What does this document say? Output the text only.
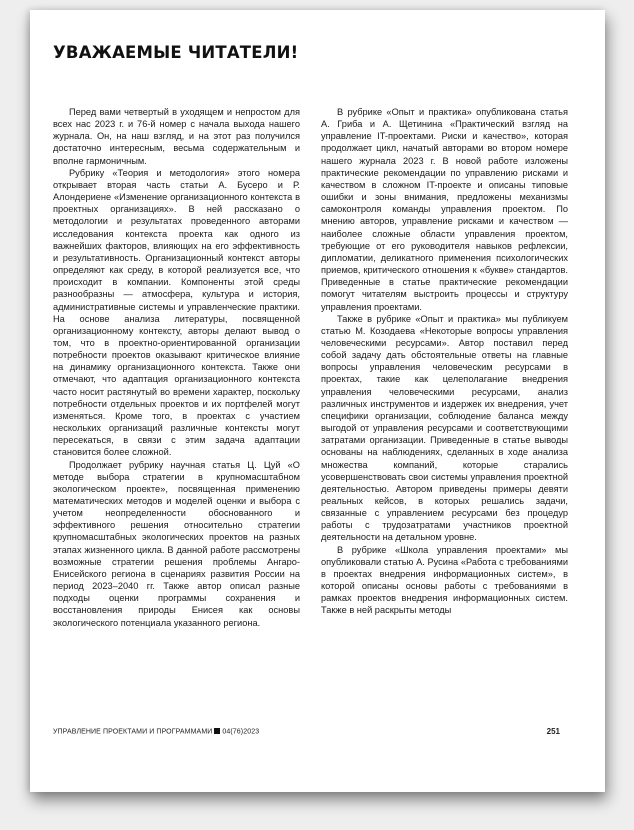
УВАЖАЕМЫЕ ЧИТАТЕЛИ!

Перед вами четвертый в уходящем и непростом для всех нас 2023 г. и 76-й номер с начала выхода нашего журнала. Он, на наш взгляд, и на этот раз получился достаточно интересным, весьма содержательным и вполне гармоничным.

Рубрику «Теория и методология» этого номера открывает вторая часть статьи А. Бусеро и Р. Алондериене «Изменение организационного контекста в проектных организациях». В ней рассказано о методологии и результатах проведенного авторами исследования контекста проекта как одного из важнейших факторов, влияющих на его эффективность и результативность. Организационный контекст авторы определяют как среду, в которой реализуется все, что происходит в компании. Компоненты этой среды разнообразны — атмосфера, культура и история, административные системы и управленческие практики. На основе анализа литературы, посвященной организационному контексту, авторы делают вывод о том, что в проектно-ориентированной организации потребности проектов оказывают критическое влияние на динамику организационного контекста. Также они отмечают, что адаптация организационного контекста часто носит растянутый во времени характер, поскольку потребности отдельных проектов и их портфелей могут изменяться. Кроме того, в проектах с участием нескольких организаций различные контексты могут пересекаться, в связи с этим задача адаптации становится более сложной.

Продолжает рубрику научная статья Ц. Цуй «О методе выбора стратегии в крупномасштабном экологическом проекте», посвященная применению математических методов и моделей оценки и выбора с учетом неопределенности обоснованного и эффективного решения относительно стратегии крупномасштабных экологических проектов на разных этапах жизненного цикла. В данной работе рассмотрены возможные стратегии решения проблемы Ангаро-Енисейского региона в сценариях развития России на период 2023–2040 гг. Также автор описал разные подходы оценки программы сохранения и восстановления природы Енисея как основы экологического потенциала указанного региона.

В рубрике «Опыт и практика» опубликована статья А. Гриба и А. Щетинина «Практический взгляд на управление IT-проектами. Риски и качество», которая продолжает цикл, начатый авторами во втором номере нашего журнала 2023 г. В новой работе изложены практические рекомендации по управлению рисками и качеством в сложном IT-проекте и описаны типовые ошибки и зоны внимания, предложены механизмы самоконтроля команды управления проектом. По мнению авторов, управление рисками и качеством — наиболее сложные области управления проектом, требующие от его руководителя навыков рефлексии, дипломатии, деликатного применения психологических приемов, критического отношения к «букве» стандартов. Приведенные в статье практические рекомендации помогут читателям выстроить процессы и структуру управления проектами.

Также в рубрике «Опыт и практика» мы публикуем статью М. Козодаева «Некоторые вопросы управления человеческими ресурсами». Автор поставил перед собой задачу дать обстоятельные ответы на главные вопросы управления человеческим ресурсами в проектах, такие как целеполагание внедрения управления человеческими ресурсами, анализ различных инструментов и издержек их внедрения, учет специфики организации, соблюдение баланса между выгодой от управления ресурсами и соответствующими затратами организации. Приведенные в статье выводы основаны на наблюдениях, сделанных в ходе анализа множества компаний, которые старались усовершенствовать свои системы управления проектной деятельностью. Автором приведены примеры девяти реальных кейсов, в которых решались задачи, связанные с управлением ресурсами без процедур работы с трудозатратами участников проектной деятельности на детальном уровне.

В рубрике «Школа управления проектами» мы опубликовали статью А. Русина «Работа с требованиями в проектах внедрения информационных систем», в которой описаны основы работы с требованиями в рамках проектов внедрения информационных систем. Также в ней раскрыты методы

УПРАВЛЕНИЕ ПРОЕКТАМИ И ПРОГРАММАМИ 04(76)2023	251
